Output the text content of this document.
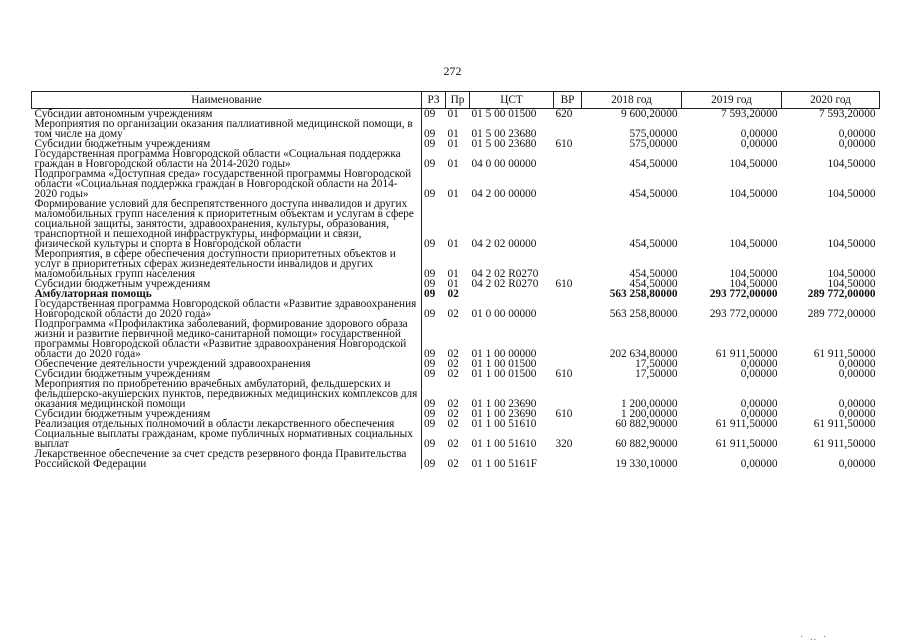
272
Наименование	РЗ	Пр	ЦСТ	ВР	2018 год	2019 год	2020 год
Субсидии автономным учреждениям	09	01	01 5 00 01500	620	9 600,20000	7 593,20000	7 593,20000
Мероприятия по организации оказания паллиативной медицинской помощи, в том числе на дому	09	01	01 5 00 23680		575,00000	0,00000	0,00000
Субсидии бюджетным учреждениям	09	01	01 5 00 23680	610	575,00000	0,00000	0,00000
Государственная программа Новгородской области «Социальная поддержка граждан в Новгородской области на 2014-2020 годы»	09	01	04 0 00 00000		454,50000	104,50000	104,50000
Подпрограмма «Доступная среда» государственной программы Новгородской области «Социальная поддержка граждан в Новгородской области на 2014-2020 годы»	09	01	04 2 00 00000		454,50000	104,50000	104,50000
Формирование условий для беспрепятственного доступа инвалидов и других маломобильных групп населения к приоритетным объектам и услугам в сфере социальной защиты, занятости, здравоохранения, культуры, образования, транспортной и пешеходной инфраструктуры, информации и связи, физической культуры и спорта в Новгородской области	09	01	04 2 02 00000		454,50000	104,50000	104,50000
Мероприятия, в сфере обеспечения доступности приоритетных объектов и услуг в приоритетных сферах жизнедеятельности инвалидов и других маломобильных групп населения	09	01	04 2 02 R0270		454,50000	104,50000	104,50000
Субсидии бюджетным учреждениям	09	01	04 2 02 R0270	610	454,50000	104,50000	104,50000
Амбулаторная помощь	09	02			563 258,80000	293 772,00000	289 772,00000
Государственная программа Новгородской области «Развитие здравоохранения Новгородской области до 2020 года»	09	02	01 0 00 00000		563 258,80000	293 772,00000	289 772,00000
Подпрограмма «Профилактика заболеваний, формирование здорового образа жизни и развитие первичной медико-санитарной помощи» государственной программы Новгородской области «Развитие здравоохранения Новгородской области до 2020 года»	09	02	01 1 00 00000		202 634,80000	61 911,50000	61 911,50000
Обеспечение деятельности учреждений здравоохранения	09	02	01 1 00 01500		17,50000	0,00000	0,00000
Субсидии бюджетным учреждениям	09	02	01 1 00 01500	610	17,50000	0,00000	0,00000
Мероприятия по приобретению врачебных амбулаторий, фельдшерских и фельдшерско-акушерских пунктов, передвижных медицинских комплексов для оказания медицинской помощи	09	02	01 1 00 23690		1 200,00000	0,00000	0,00000
Субсидии бюджетным учреждениям	09	02	01 1 00 23690	610	1 200,00000	0,00000	0,00000
Реализация отдельных полномочий в области лекарственного обеспечения	09	02	01 1 00 51610		60 882,90000	61 911,50000	61 911,50000
Социальные выплаты гражданам, кроме публичных нормативных социальных выплат	09	02	01 1 00 51610	320	60 882,90000	61 911,50000	61 911,50000
Лекарственное обеспечение за счет средств резервного фонда Правительства Российской Федерации	09	02	01 1 00 5161F		19 330,10000	0,00000	0,00000
· ‥ ·
